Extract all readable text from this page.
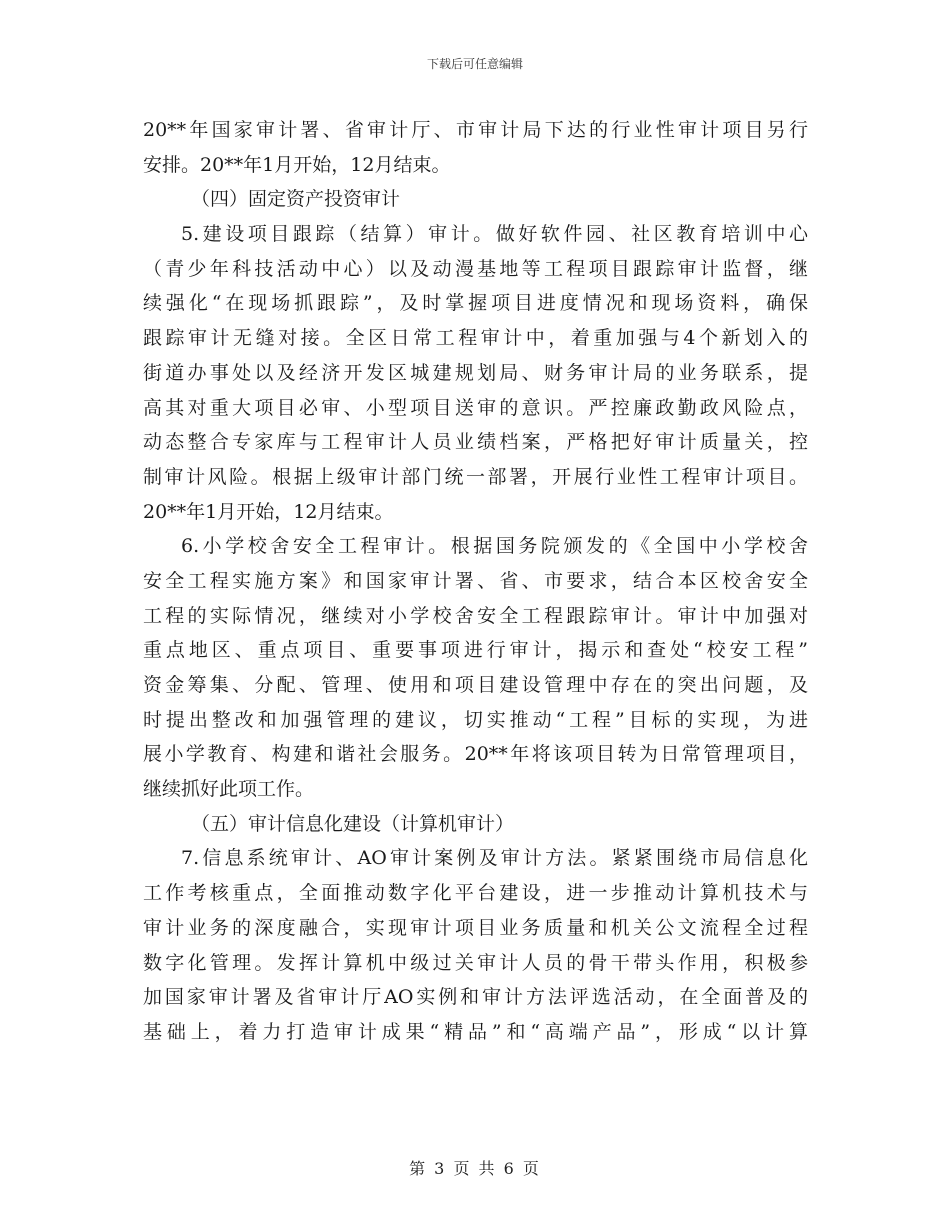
下载后可任意编辑
20**年国家审计署、省审计厅、市审计局下达的行业性审计项目另行
安排。20**年1月开始，12月结束。
（四）固定资产投资审计
5.建设项目跟踪（结算）审计。做好软件园、社区教育培训中心
（青少年科技活动中心）以及动漫基地等工程项目跟踪审计监督，继
续强化“在现场抓跟踪”，及时掌握项目进度情况和现场资料，确保
跟踪审计无缝对接。全区日常工程审计中，着重加强与4个新划入的
街道办事处以及经济开发区城建规划局、财务审计局的业务联系，提
高其对重大项目必审、小型项目送审的意识。严控廉政勤政风险点，
动态整合专家库与工程审计人员业绩档案，严格把好审计质量关，控
制审计风险。根据上级审计部门统一部署，开展行业性工程审计项目。
20**年1月开始，12月结束。
6.小学校舍安全工程审计。根据国务院颁发的《全国中小学校舍
安全工程实施方案》和国家审计署、省、市要求，结合本区校舍安全
工程的实际情况，继续对小学校舍安全工程跟踪审计。审计中加强对
重点地区、重点项目、重要事项进行审计，揭示和查处“校安工程”
资金筹集、分配、管理、使用和项目建设管理中存在的突出问题，及
时提出整改和加强管理的建议，切实推动“工程”目标的实现，为进
展小学教育、构建和谐社会服务。20**年将该项目转为日常管理项目，
继续抓好此项工作。
（五）审计信息化建设（计算机审计）
7.信息系统审计、AO审计案例及审计方法。紧紧围绕市局信息化
工作考核重点，全面推动数字化平台建设，进一步推动计算机技术与
审计业务的深度融合，实现审计项目业务质量和机关公文流程全过程
数字化管理。发挥计算机中级过关审计人员的骨干带头作用，积极参
加国家审计署及省审计厅AO实例和审计方法评选活动，在全面普及的
基础上，着力打造审计成果“精品”和“高端产品”，形成“以计算
第 3 页 共 6 页
